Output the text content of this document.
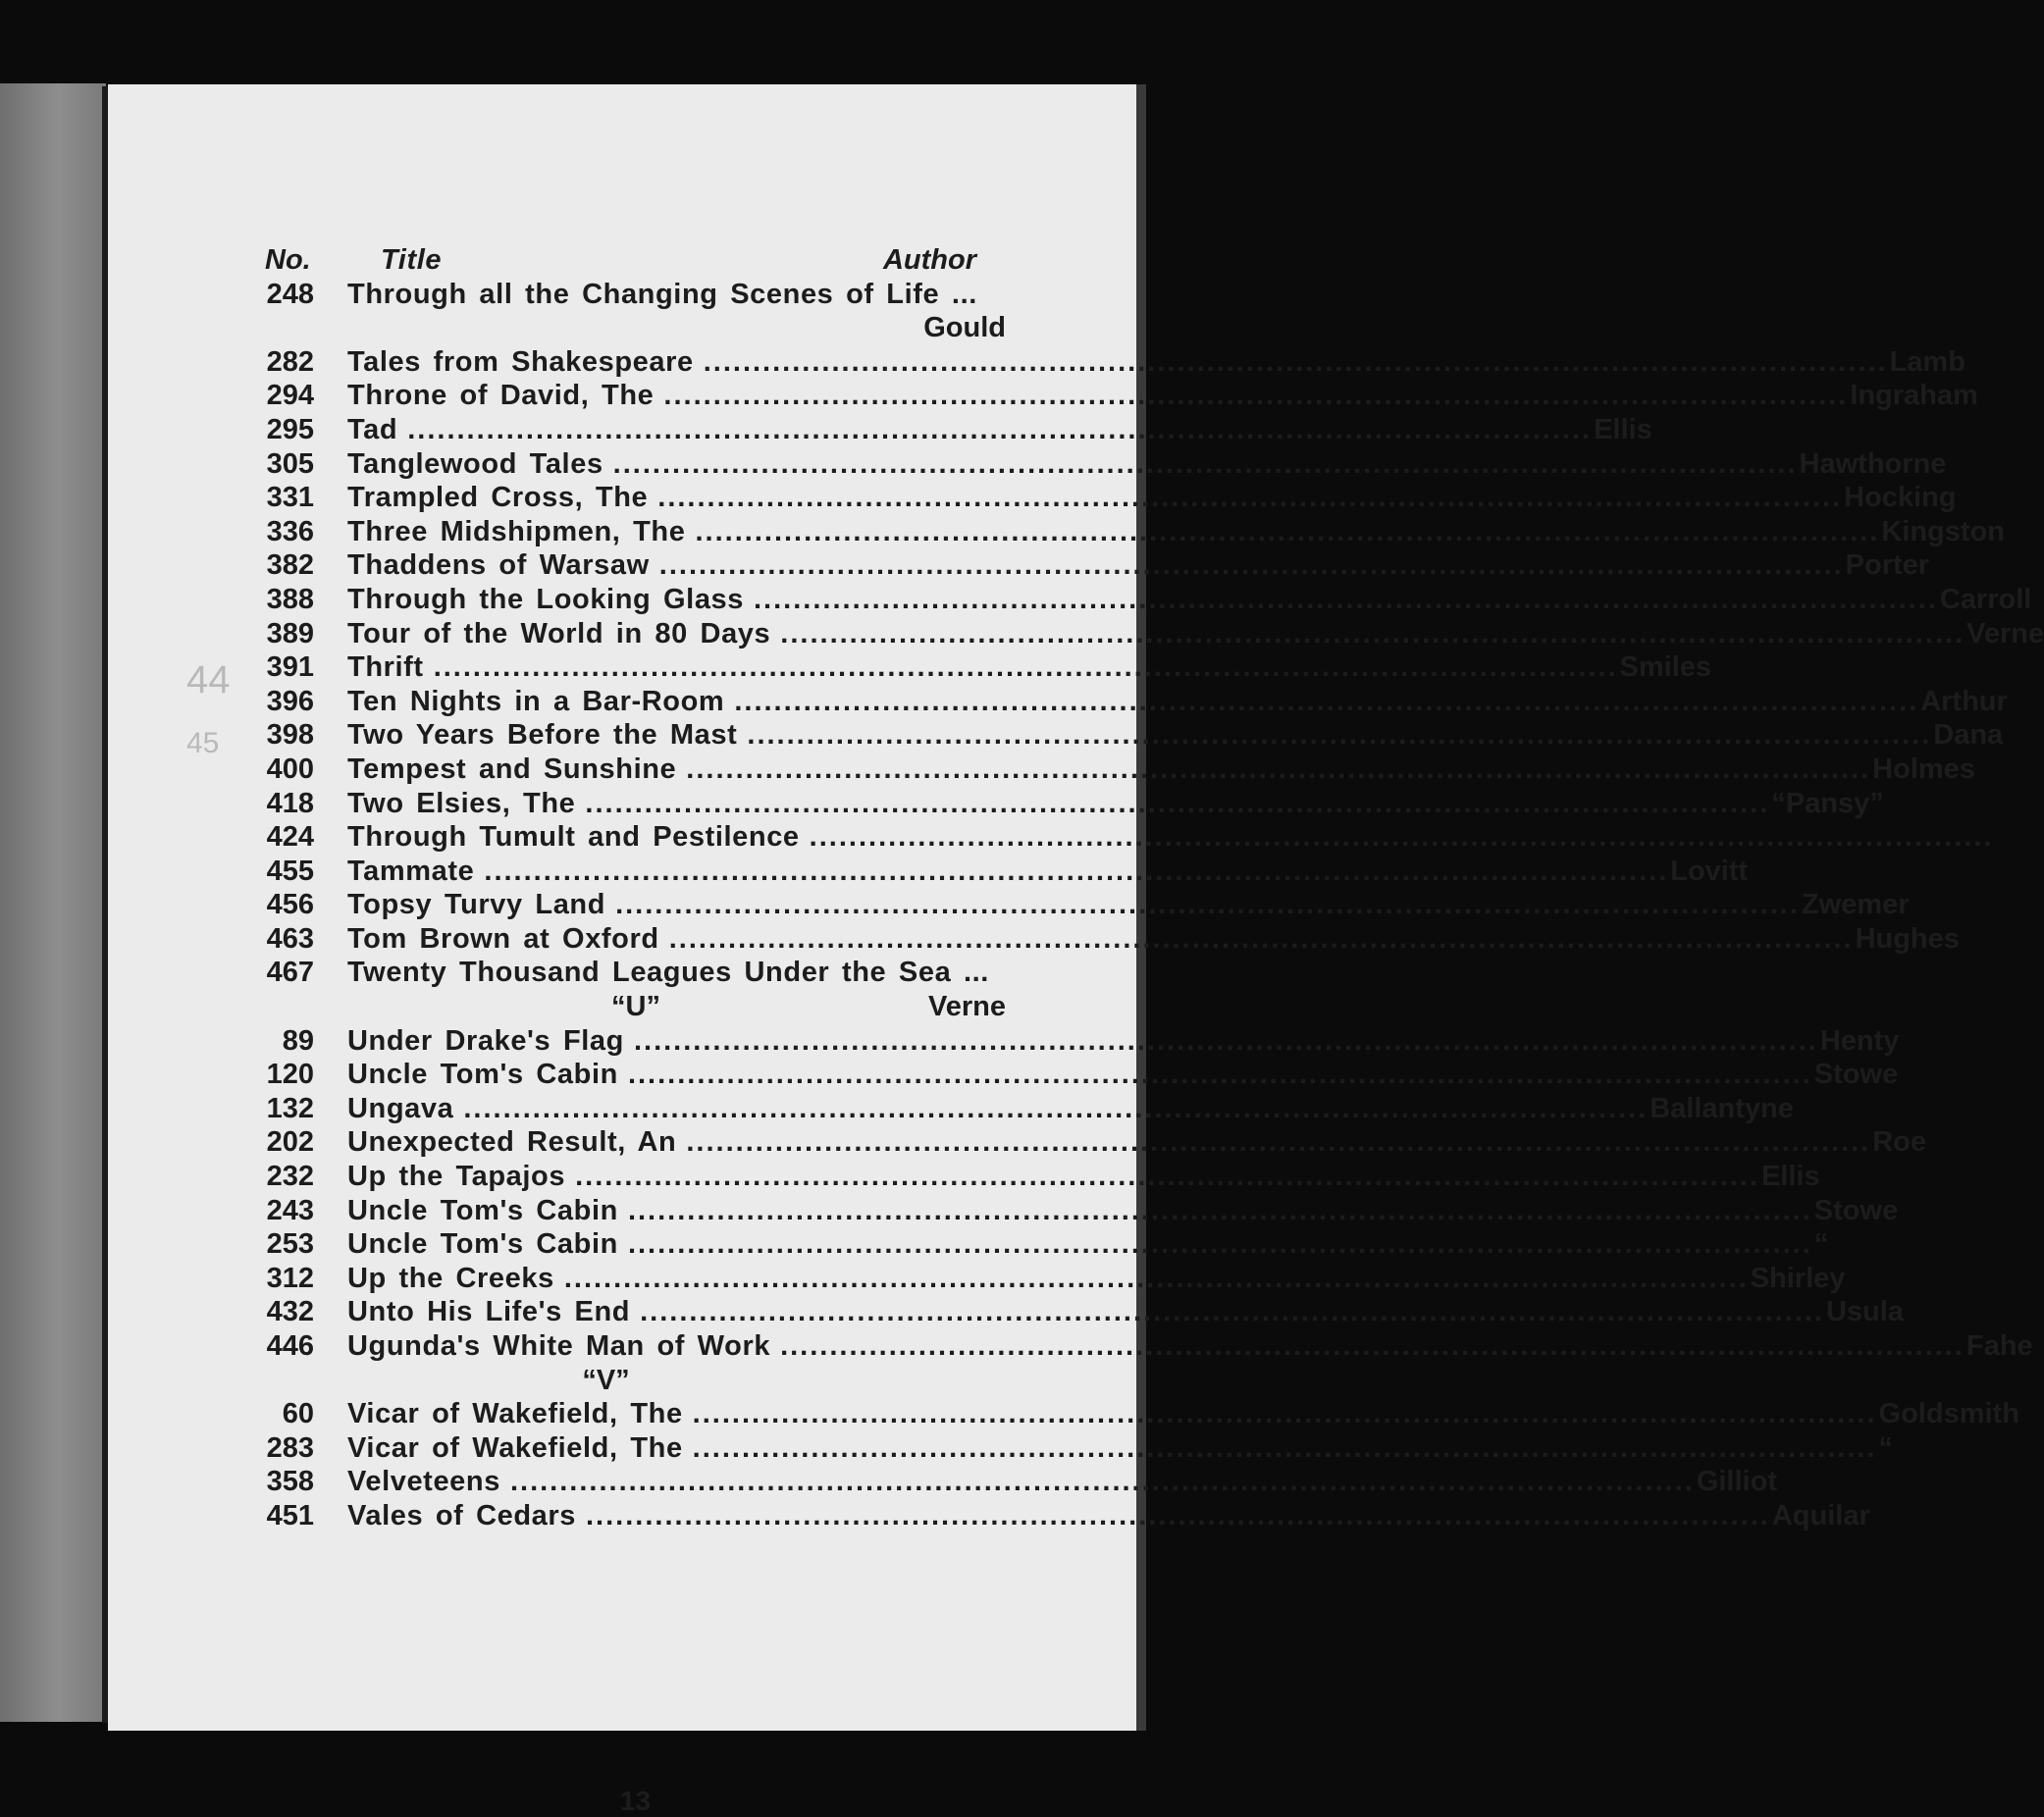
44
45
No.	Title	Author
248 Through all the Changing Scenes of Life ...
Gould
282 Tales from Shakespeare ........................................................................................................................ Lamb
294 Throne of David, The ........................................................................................................................ Ingraham
295 Tad ........................................................................................................................ Ellis
305 Tanglewood Tales ........................................................................................................................ Hawthorne
331 Trampled Cross, The ........................................................................................................................ Hocking
336 Three Midshipmen, The ........................................................................................................................ Kingston
382 Thaddens of Warsaw ........................................................................................................................ Porter
388 Through the Looking Glass ........................................................................................................................ Carroll
389 Tour of the World in 80 Days ........................................................................................................................ Verne
391 Thrift ........................................................................................................................ Smiles
396 Ten Nights in a Bar-Room ........................................................................................................................ Arthur
398 Two Years Before the Mast ........................................................................................................................ Dana
400 Tempest and Sunshine ........................................................................................................................ Holmes
418 Two Elsies, The ........................................................................................................................ “Pansy”
424 Through Tumult and Pestilence ........................................................................................................................
455 Tammate ........................................................................................................................ Lovitt
456 Topsy Turvy Land ........................................................................................................................ Zwemer
463 Tom Brown at Oxford ........................................................................................................................ Hughes
467 Twenty Thousand Leagues Under the Sea ...
“U”	Verne
89 Under Drake's Flag ........................................................................................................................ Henty
120 Uncle Tom's Cabin ........................................................................................................................ Stowe
132 Ungava ........................................................................................................................ Ballantyne
202 Unexpected Result, An ........................................................................................................................ Roe
232 Up the Tapajos ........................................................................................................................ Ellis
243 Uncle Tom's Cabin ........................................................................................................................ Stowe
253 Uncle Tom's Cabin ........................................................................................................................ “
312 Up the Creeks ........................................................................................................................ Shirley
432 Unto His Life's End ........................................................................................................................ Usula
446 Ugunda's White Man of Work ........................................................................................................................ Fahe
“V”
60 Vicar of Wakefield, The ........................................................................................................................ Goldsmith
283 Vicar of Wakefield, The ........................................................................................................................ “
358 Velveteens ........................................................................................................................ Gilliot
451 Vales of Cedars ........................................................................................................................ Aquilar
13
